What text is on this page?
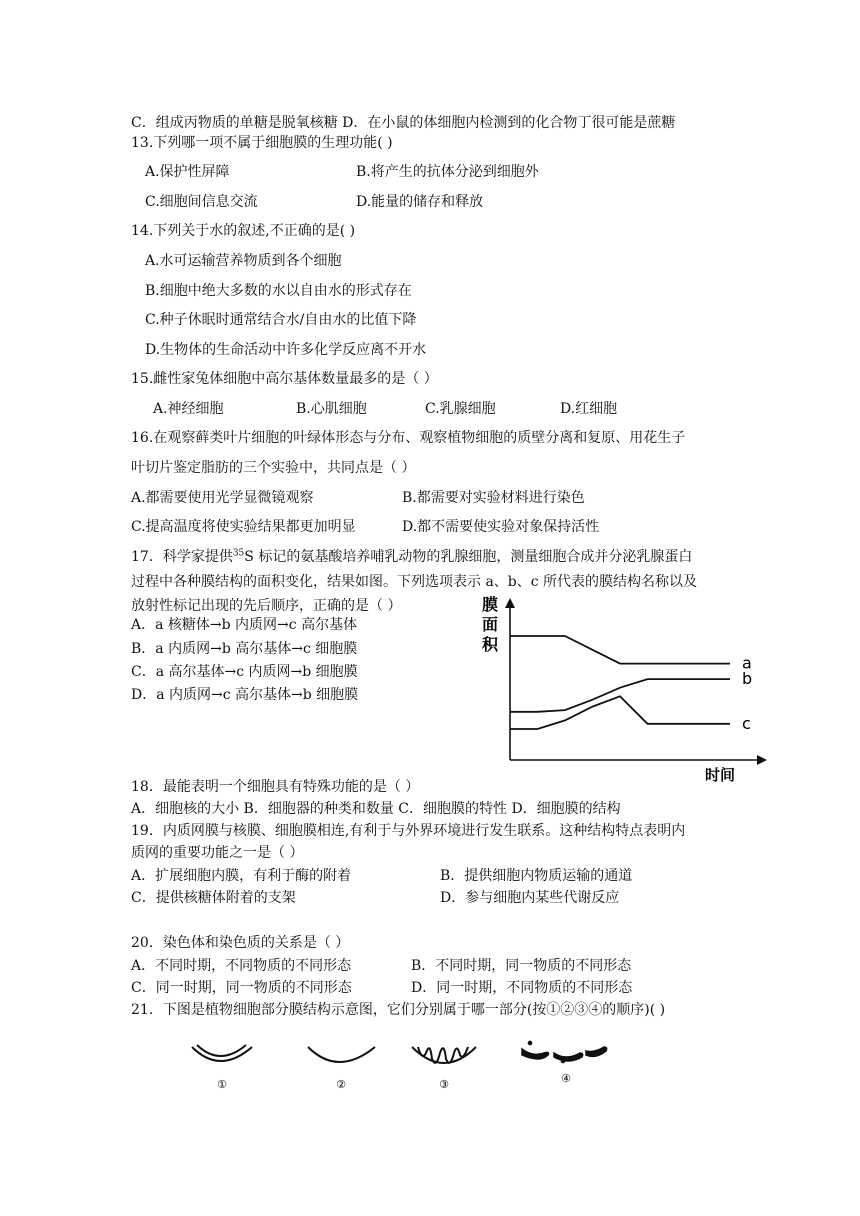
C．组成丙物质的单糖是脱氧核糖 D．在小鼠的体细胞内检测到的化合物丁很可能是蔗糖
13.下列哪一项不属于细胞膜的生理功能( )
A.保护性屏障	B.将产生的抗体分泌到细胞外
C.细胞间信息交流	D.能量的储存和释放
14.下列关于水的叙述,不正确的是( )
A.水可运输营养物质到各个细胞
B.细胞中绝大多数的水以自由水的形式存在
C.种子休眠时通常结合水/自由水的比值下降
D.生物体的生命活动中许多化学反应离不开水
15.雌性家兔体细胞中高尔基体数量最多的是（ ）
A.神经细胞	B.心肌细胞	C.乳腺细胞	D.红细胞
16.在观察藓类叶片细胞的叶绿体形态与分布、观察植物细胞的质壁分离和复原、用花生子
叶切片鉴定脂肪的三个实验中，共同点是（ ）
A.都需要使用光学显微镜观察	B.都需要对实验材料进行染色
C.提高温度将使实验结果都更加明显	D.都不需要使实验对象保持活性
17．科学家提供$^{35}$S 标记的氨基酸培养哺乳动物的乳腺细胞，测量细胞合成并分泌乳腺蛋白
过程中各种膜结构的面积变化，结果如图。下列选项表示 a、b、c 所代表的膜结构名称以及
放射性标记出现的先后顺序，正确的是（ ）
A．a 核糖体→b 内质网→c 高尔基体
B．a 内质网→b 高尔基体→c 细胞膜
C．a 高尔基体→c 内质网→b 细胞膜
D．a 内质网→c 高尔基体→b 细胞膜
a
b
c
膜面积
时间
18．最能表明一个细胞具有特殊功能的是（ ）
A．细胞核的大小 B．细胞器的种类和数量 C．细胞膜的特性 D．细胞膜的结构
19．内质网膜与核膜、细胞膜相连,有利于与外界环境进行发生联系。这种结构特点表明内
质网的重要功能之一是（ ）
A．扩展细胞内膜，有利于酶的附着	B．提供细胞内物质运输的通道
C．提供核糖体附着的支架	D．参与细胞内某些代谢反应
20．染色体和染色质的关系是（ ）
A．不同时期，不同物质的不同形态	B．不同时期，同一物质的不同形态
C．同一时期，同一物质的不同形态	D．同一时期，不同物质的不同形态
21．下图是植物细胞部分膜结构示意图，它们分别属于哪一部分(按①②③④的顺序)( )
①	②	③	④
